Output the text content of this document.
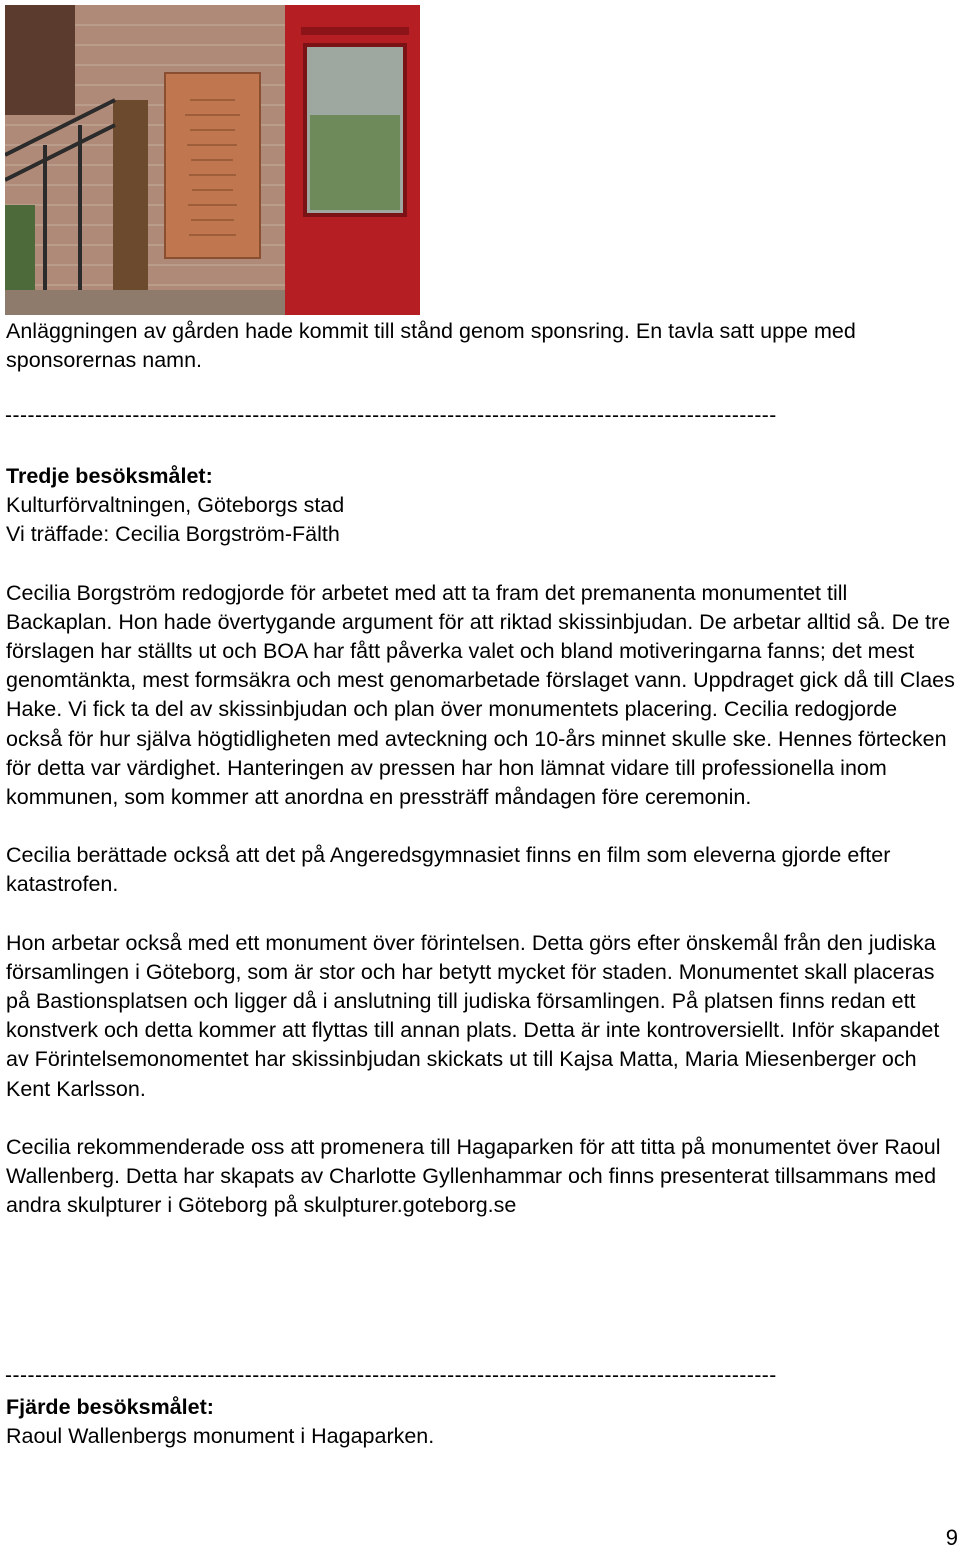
Anläggningen av gården hade kommit till stånd genom sponsring. En tavla satt uppe med sponsorernas namn.
-------------------------------------------------------------------------------------------------------
Tredje besöksmålet:
Kulturförvaltningen, Göteborgs stad
Vi träffade: Cecilia Borgström-Fälth

Cecilia Borgström redogjorde för arbetet med att ta fram det premanenta monumentet till Backaplan. Hon hade övertygande argument för att riktad skissinbjudan. De arbetar alltid så. De tre förslagen har ställts ut och BOA har fått påverka valet och bland motiveringarna fanns; det mest genomtänkta, mest formsäkra och mest genomarbetade förslaget vann. Uppdraget gick då till Claes Hake. Vi fick ta del av skissinbjudan och plan över monumentets placering. Cecilia redogjorde också för hur själva högtidligheten med avteckning och 10-års minnet skulle ske. Hennes förtecken för detta var värdighet. Hanteringen av pressen har hon lämnat vidare till professionella inom kommunen, som kommer att anordna en pressträff måndagen före ceremonin.

Cecilia berättade också att det på Angeredsgymnasiet finns en film som eleverna gjorde efter katastrofen.

Hon arbetar också med ett monument över förintelsen. Detta görs efter önskemål från den judiska församlingen i Göteborg, som är stor och har betytt mycket för staden. Monumentet skall placeras på Bastionsplatsen och ligger då i anslutning till judiska församlingen. På platsen finns redan ett konstverk och detta kommer att flyttas till annan plats. Detta är inte kontroversiellt. Inför skapandet av Förintelsemonomentet har skissinbjudan skickats ut till Kajsa Matta, Maria Miesenberger och Kent Karlsson.

Cecilia rekommenderade oss att promenera till Hagaparken för att titta på monumentet över Raoul Wallenberg. Detta har skapats av Charlotte Gyllenhammar och finns presenterat tillsammans med andra skulpturer i Göteborg på skulpturer.goteborg.se

-------------------------------------------------------------------------------------------------------
Fjärde besöksmålet:
Raoul Wallenbergs monument i Hagaparken.
9
